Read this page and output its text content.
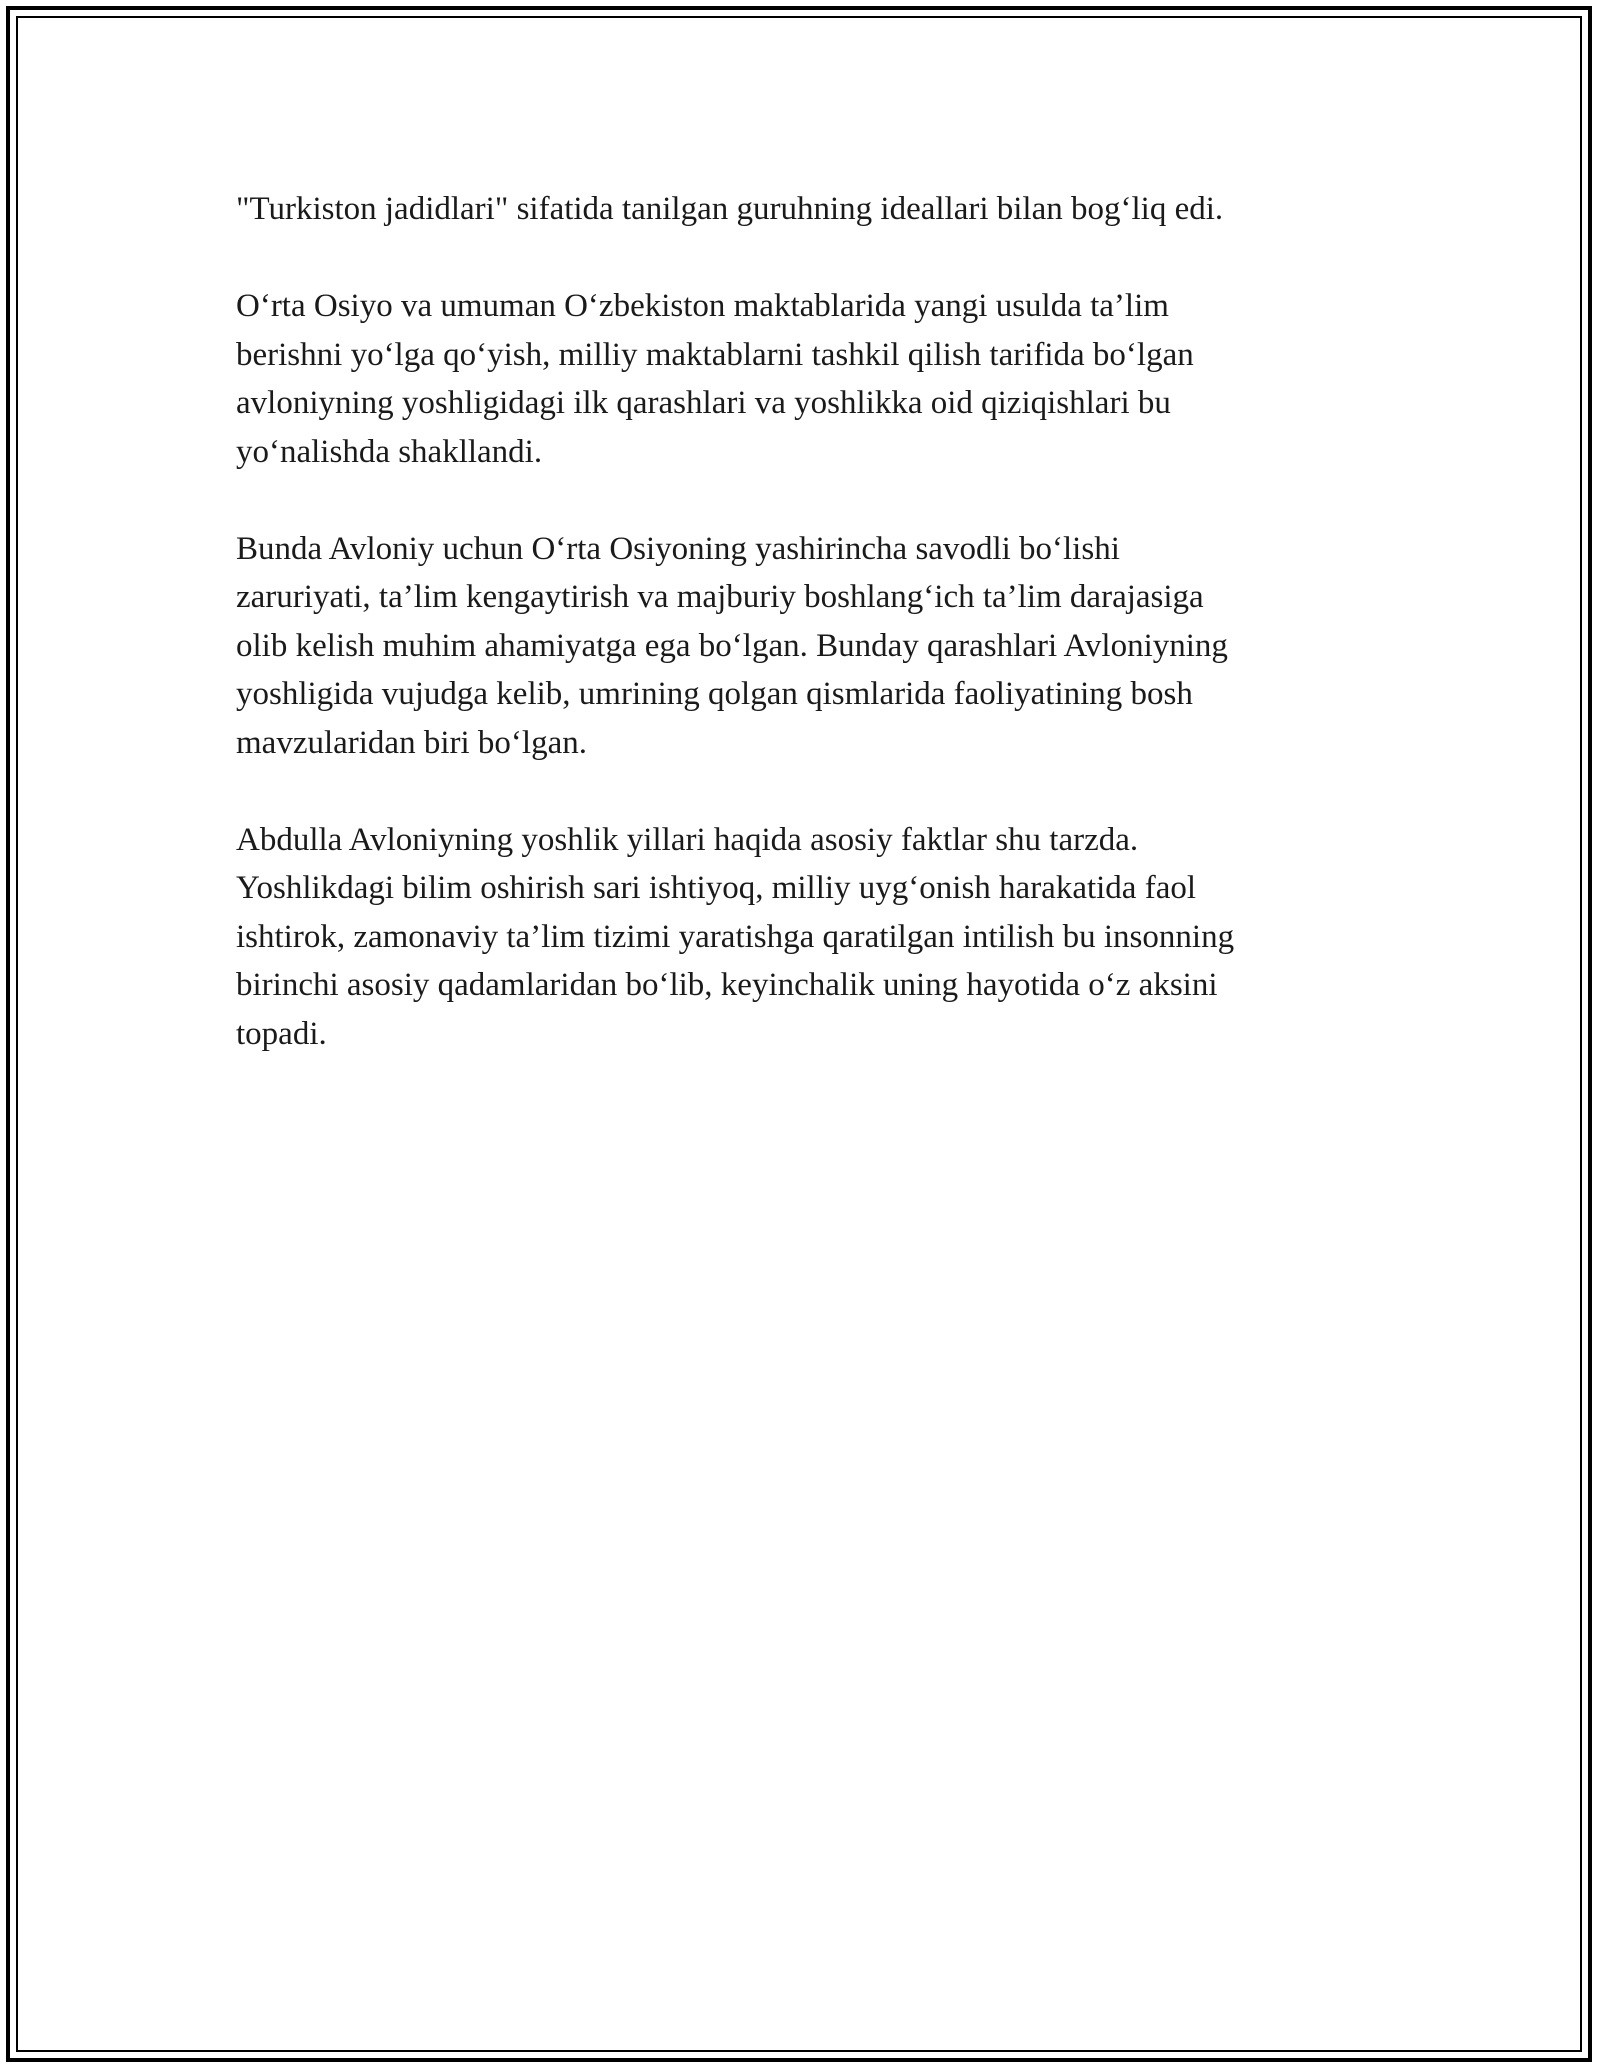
"Turkiston jadidlari" sifatida tanilgan guruhning ideallari bilan bog‘liq edi.

O‘rta Osiyo va umuman O‘zbekiston maktablarida yangi usulda ta’lim
berishni yo‘lga qo‘yish, milliy maktablarni tashkil qilish tarifida bo‘lgan
avloniyning yoshligidagi ilk qarashlari va yoshlikka oid qiziqishlari bu
yo‘nalishda shakllandi.

Bunda Avloniy uchun O‘rta Osiyoning yashirincha savodli bo‘lishi
zaruriyati, ta’lim kengaytirish va majburiy boshlang‘ich ta’lim darajasiga
olib kelish muhim ahamiyatga ega bo‘lgan. Bunday qarashlari Avloniyning
yoshligida vujudga kelib, umrining qolgan qismlarida faoliyatining bosh
mavzularidan biri bo‘lgan.

Abdulla Avloniyning yoshlik yillari haqida asosiy faktlar shu tarzda.
Yoshlikdagi bilim oshirish sari ishtiyoq, milliy uyg‘onish harakatida faol
ishtirok, zamonaviy ta’lim tizimi yaratishga qaratilgan intilish bu insonning
birinchi asosiy qadamlaridan bo‘lib, keyinchalik uning hayotida o‘z aksini
topadi.
